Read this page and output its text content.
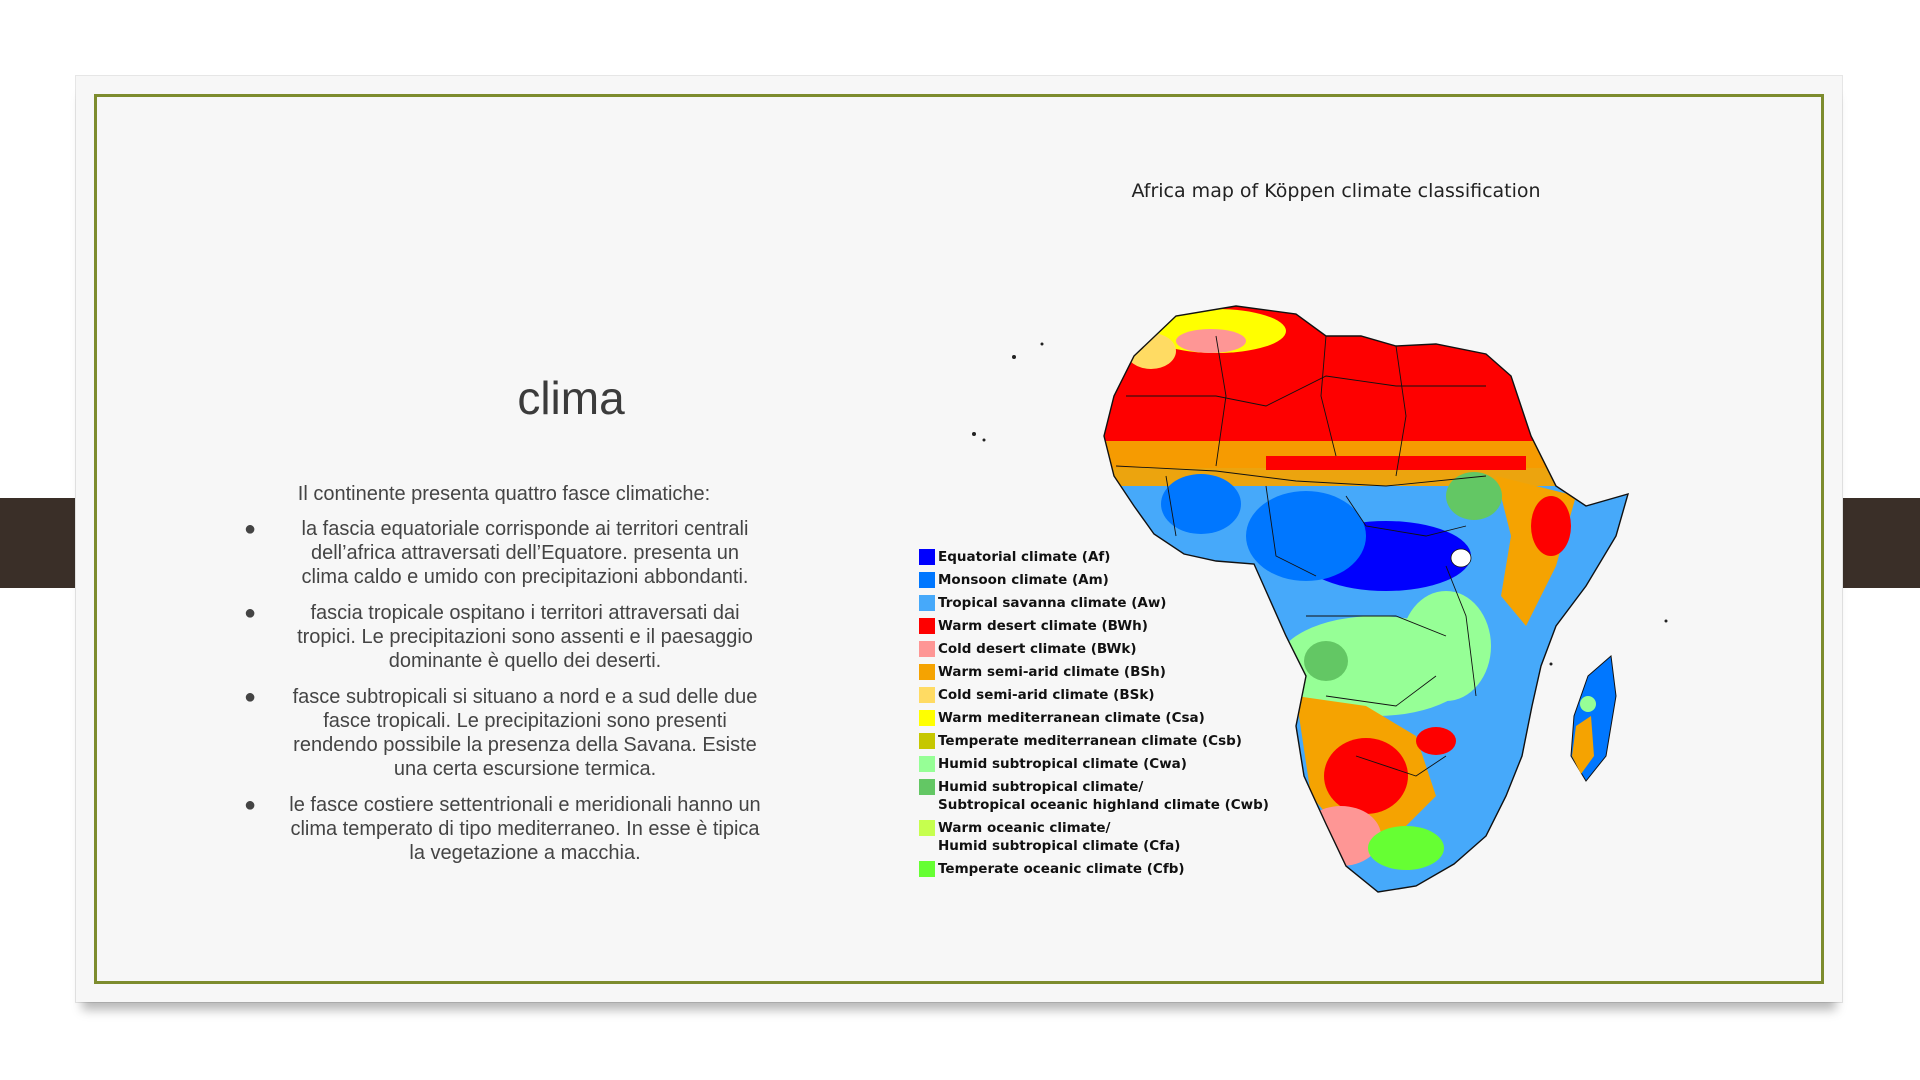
clima
Il continente presenta quattro fasce climatiche:
● la fascia equatoriale corrisponde ai territori centrali dell’africa attraversati dell’Equatore. presenta un clima caldo e umido con precipitazioni abbondanti.
●	fascia tropicale ospitano i territori attraversati dai tropici. Le precipitazioni sono assenti e il paesaggio dominante è quello dei deserti.
● fasce subtropicali si situano a nord e a sud delle due fasce tropicali. Le precipitazioni sono presenti rendendo possibile la presenza della Savana. Esiste una certa escursione termica.
● le fasce costiere settentrionali e meridionali hanno un clima temperato di tipo mediterraneo. In esse è tipica la vegetazione a macchia.
Africa map of Köppen climate classification
Equatorial climate (Af)
Monsoon climate (Am)
Tropical savanna climate (Aw)
Warm desert climate (BWh)
Cold desert climate (BWk)
Warm semi-arid climate (BSh)
Cold semi-arid climate (BSk)
Warm mediterranean climate (Csa)
Temperate mediterranean climate (Csb)
Humid subtropical climate (Cwa)
Humid subtropical climate/
Subtropical oceanic highland climate (Cwb)
Warm oceanic climate/
Humid subtropical climate (Cfa)
Temperate oceanic climate (Cfb)
